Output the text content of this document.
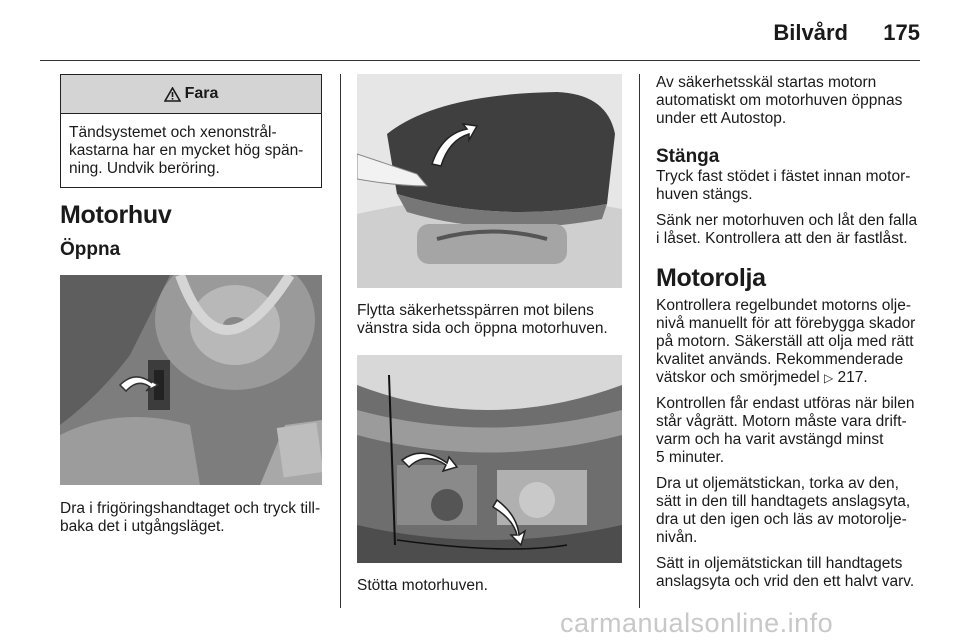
Bilvård 175
Fara
Tändsystemet och xenonstrål-
kastarna har en mycket hög spän-
ning. Undvik beröring.
Motorhuv
Öppna

Dra i frigöringshandtaget och tryck till-
baka det i utgångsläget.

Flytta säkerhetsspärren mot bilens
vänstra sida och öppna motorhuven.

Stötta motorhuven.

Av säkerhetsskäl startas motorn
automatiskt om motorhuven öppnas
under ett Autostop.

Stänga

Tryck fast stödet i fästet innan motor-
huven stängs.

Sänk ner motorhuven och låt den falla
i låset. Kontrollera att den är fastlåst.

Motorolja

Kontrollera regelbundet motorns olje-
nivå manuellt för att förebygga skador
på motorn. Säkerställ att olja med rätt
kvalitet används. Rekommenderade
vätskor och smörjmedel ▷ 217.

Kontrollen får endast utföras när bilen
står vågrätt. Motorn måste vara drift-
varm och ha varit avstängd minst
5 minuter.

Dra ut oljemätstickan, torka av den,
sätt in den till handtagets anslagsyta,
dra ut den igen och läs av motorolje-
nivån.

Sätt in oljemätstickan till handtagets
anslagsyta och vrid den ett halvt varv.

carmanualsonline.info
